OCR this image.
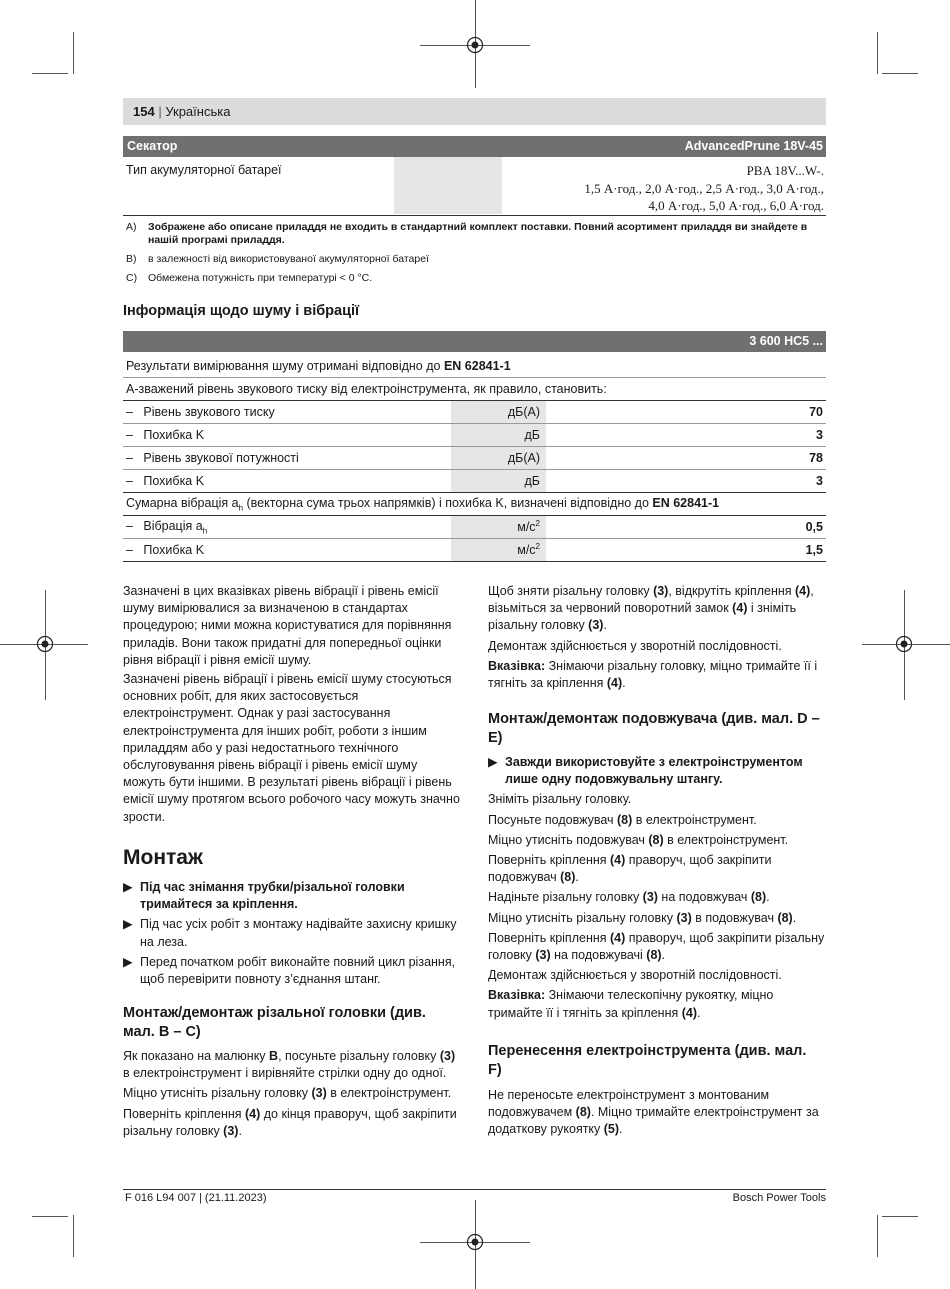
154 | Українська
Секатор	AdvancedPrune 18V-45
Тип акумуляторної батареї	PBA 18V...W-.
1,5 А·год., 2,0 А·год., 2,5 А·год., 3,0 А·год.,
4,0 А·год., 5,0 А·год., 6,0 А·год.
A) Зображене або описане приладдя не входить в стандартний комплект поставки. Повний асортимент приладдя ви знайдете в нашій програмі приладдя.
B) в залежності від використовуваної акумуляторної батареї
C) Обмежена потужність при температурі < 0 °C.
Інформація щодо шуму і вібрації
3 600 HC5 ...
Результати вимірювання шуму отримані відповідно до EN 62841-1		
А-зважений рівень звукового тиску від електроінструмента, як правило, становить:		
– Рівень звукового тиску	дБ(А)	70
– Похибка K	дБ	3
– Рівень звукової потужності	дБ(А)	78
– Похибка K	дБ	3
Сумарна вібрація $a_h$ (векторна сума трьох напрямків) і похибка K, визначені відповідно до EN 62841-1		
– Вібрація $a_h$	$м/с^2$	0,5
– Похибка K	$м/с^2$	1,5

Зазначені в цих вказівках рівень вібрації і рівень емісії шуму вимірювалися за визначеною в стандартах процедурою; ними можна користуватися для порівняння приладів. Вони також придатні для попередньої оцінки рівня вібрації і рівня емісії шуму.

Зазначені рівень вібрації і рівень емісії шуму стосуються основних робіт, для яких застосовується електроінструмент. Однак у разі застосування електроінструмента для інших робіт, роботи з іншим приладдям або у разі недостатнього технічного обслуговування рівень вібрації і рівень емісії шуму можуть бути іншими. В результаті рівень вібрації і рівень емісії шуму протягом всього робочого часу можуть значно зрости.

Монтаж
▶ Під час знімання трубки/різальної головки тримайтеся за кріплення.
▶ Під час усіх робіт з монтажу надівайте захисну кришку на леза.
▶ Перед початком робіт виконайте повний цикл різання, щоб перевірити повноту з’єднання штанг.
Монтаж/демонтаж різальної головки (див. мал. B – C)

Як показано на малюнку B, посуньте різальну головку (3) в електроінструмент і вирівняйте стрілки одну до одної.

Міцно утисніть різальну головку (3) в електроінструмент.

Поверніть кріплення (4) до кінця праворуч, щоб закріпити різальну головку (3).

Щоб зняти різальну головку (3), відкрутіть кріплення (4), візьміться за червоний поворотний замок (4) і зніміть різальну головку (3).

Демонтаж здійснюється у зворотній послідовності.

Вказівка: Знімаючи різальну головку, міцно тримайте її і тягніть за кріплення (4).

Монтаж/демонтаж подовжувача (див. мал. D – E)
▶ Завжди використовуйте з електроінструментом лише одну подовжувальну штангу.

Зніміть різальну головку.

Посуньте подовжувач (8) в електроінструмент.

Міцно утисніть подовжувач (8) в електроінструмент.

Поверніть кріплення (4) праворуч, щоб закріпити подовжувач (8).

Надіньте різальну головку (3) на подовжувач (8).

Міцно утисніть різальну головку (3) в подовжувач (8).

Поверніть кріплення (4) праворуч, щоб закріпити різальну головку (3) на подовжувачі (8).

Демонтаж здійснюється у зворотній послідовності.

Вказівка: Знімаючи телескопічну рукоятку, міцно тримайте її і тягніть за кріплення (4).

Перенесення електроінструмента (див. мал. F)

Не переносьте електроінструмент з монтованим подовжувачем (8). Міцно тримайте електроінструмент за додаткову рукоятку (5).

F 016 L94 007 | (21.11.2023)	Bosch Power Tools
